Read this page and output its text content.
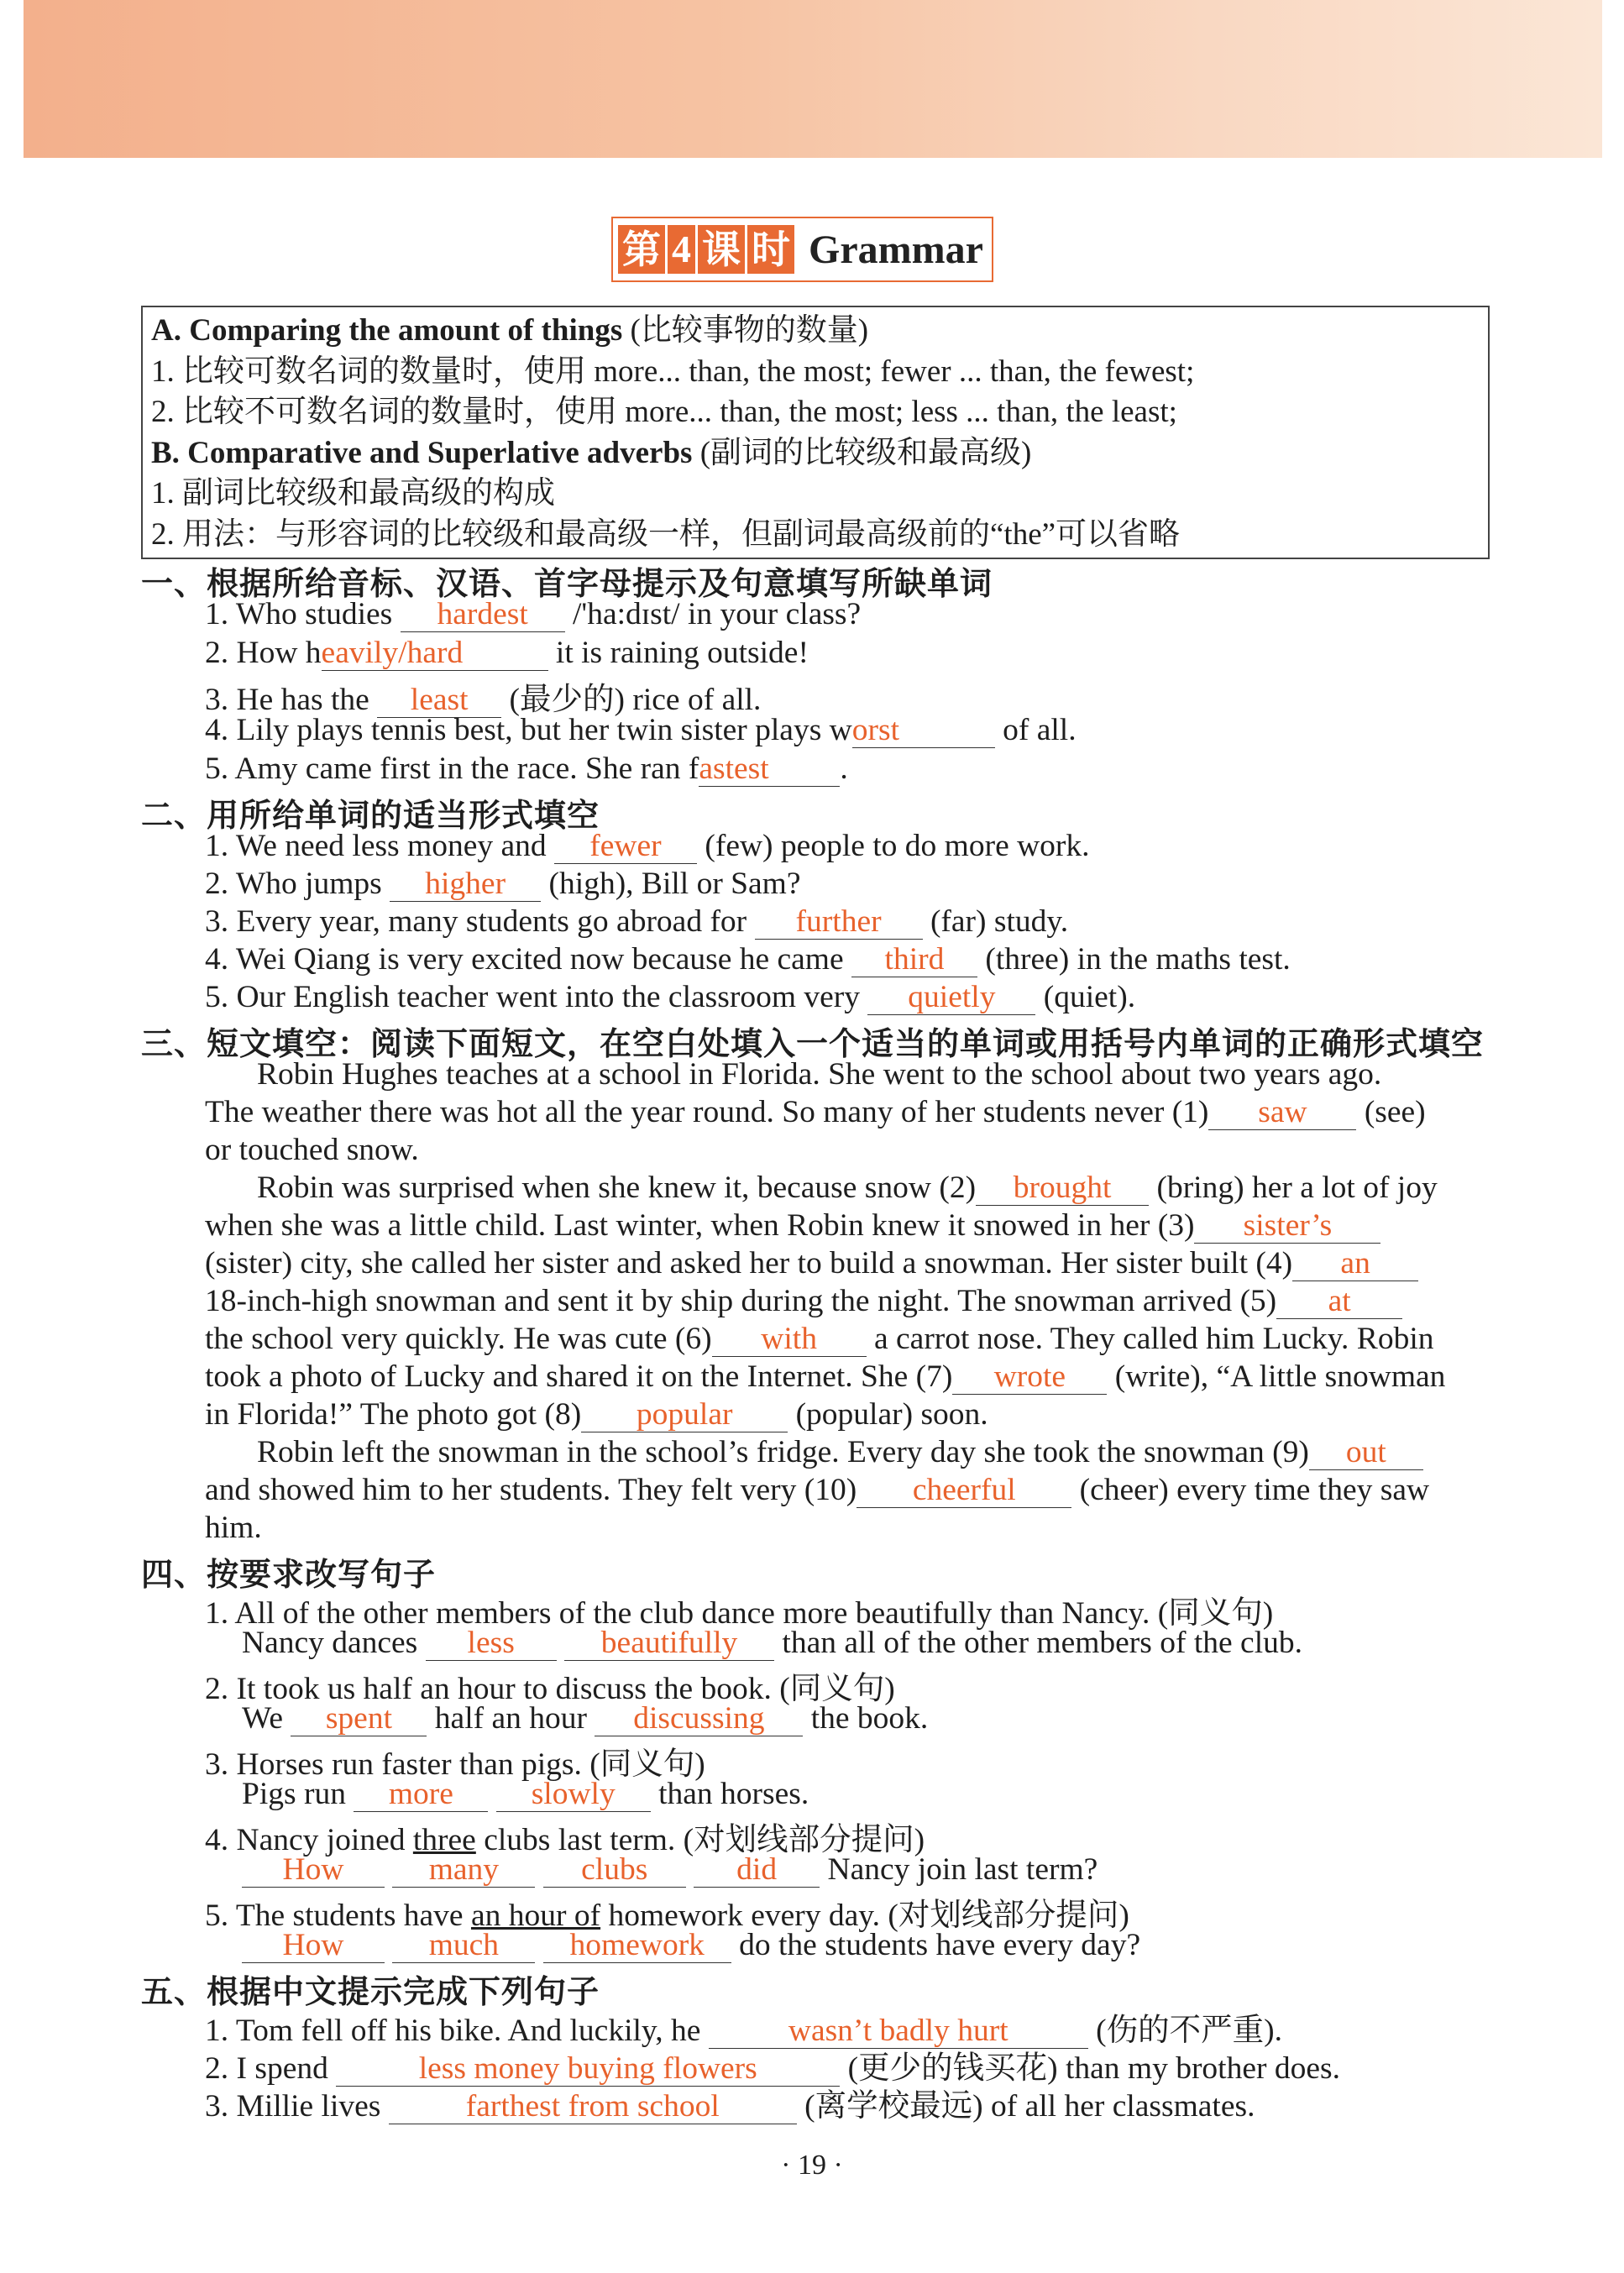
第 4 课 时 Grammar
A. Comparing the amount of things (比较事物的数量)
1. 比较可数名词的数量时，使用 more... than, the most; fewer ... than, the fewest;
2. 比较不可数名词的数量时，使用 more... than, the most; less ... than, the least;
B. Comparative and Superlative adverbs (副词的比较级和最高级)
1. 副词比较级和最高级的构成
2. 用法：与形容词的比较级和最高级一样，但副词最高级前的“the”可以省略
一、根据所给音标、汉语、首字母提示及句意填写所缺单词
1. Who studies hardest /'ha:dɪst/ in your class?
2. How heavily/hard	it is raining outside!
3. He has the least (最少的) rice of all.
4. Lily plays tennis best, but her twin sister plays worst	of all.
5. Amy came first in the race. She ran fastest .
二、用所给单词的适当形式填空
1. We need less money and fewer (few) people to do more work.
2. Who jumps higher (high), Bill or Sam?
3. Every year, many students go abroad for further (far) study.
4. Wei Qiang is very excited now because he came third (three) in the maths test.
5. Our English teacher went into the classroom very quietly (quiet).
三、短文填空：阅读下面短文，在空白处填入一个适当的单词或用括号内单词的正确形式填空
Robin Hughes teaches at a school in Florida. She went to the school about two years ago.
The weather there was hot all the year round. So many of her students never (1) saw (see)
or touched snow.
Robin was surprised when she knew it, because snow (2) brought (bring) her a lot of joy
when she was a little child. Last winter, when Robin knew it snowed in her (3) sister’s
(sister) city, she called her sister and asked her to build a snowman. Her sister built (4) an
18-inch-high snowman and sent it by ship during the night. The snowman arrived (5) at
the school very quickly. He was cute (6) with a carrot nose. They called him Lucky. Robin
took a photo of Lucky and shared it on the Internet. She (7) wrote (write), “A little snowman
in Florida!” The photo got (8) popular (popular) soon.
Robin left the snowman in the school’s fridge. Every day she took the snowman (9) out
and showed him to her students. They felt very (10) cheerful (cheer) every time they saw
him.
四、按要求改写句子
1. All of the other members of the club dance more beautifully than Nancy. (同义句)
Nancy dances less	beautifully than all of the other members of the club.
2. It took us half an hour to discuss the book. (同义句)
We spent half an hour discussing the book.
3. Horses run faster than pigs. (同义句)
Pigs run more slowly than horses.
4. Nancy joined three clubs last term. (对划线部分提问)
How	many	clubs	did Nancy join last term?
5. The students have an hour of homework every day. (对划线部分提问)
How	much homework do the students have every day?
五、根据中文提示完成下列句子
1. Tom fell off his bike. And luckily, he	wasn’t badly hurt	(伤的不严重).
2. I spend	less money buying flowers	(更少的钱买花) than my brother does.
3. Millie lives farthest from school (离学校最远) of all her classmates.
· 19 ·
